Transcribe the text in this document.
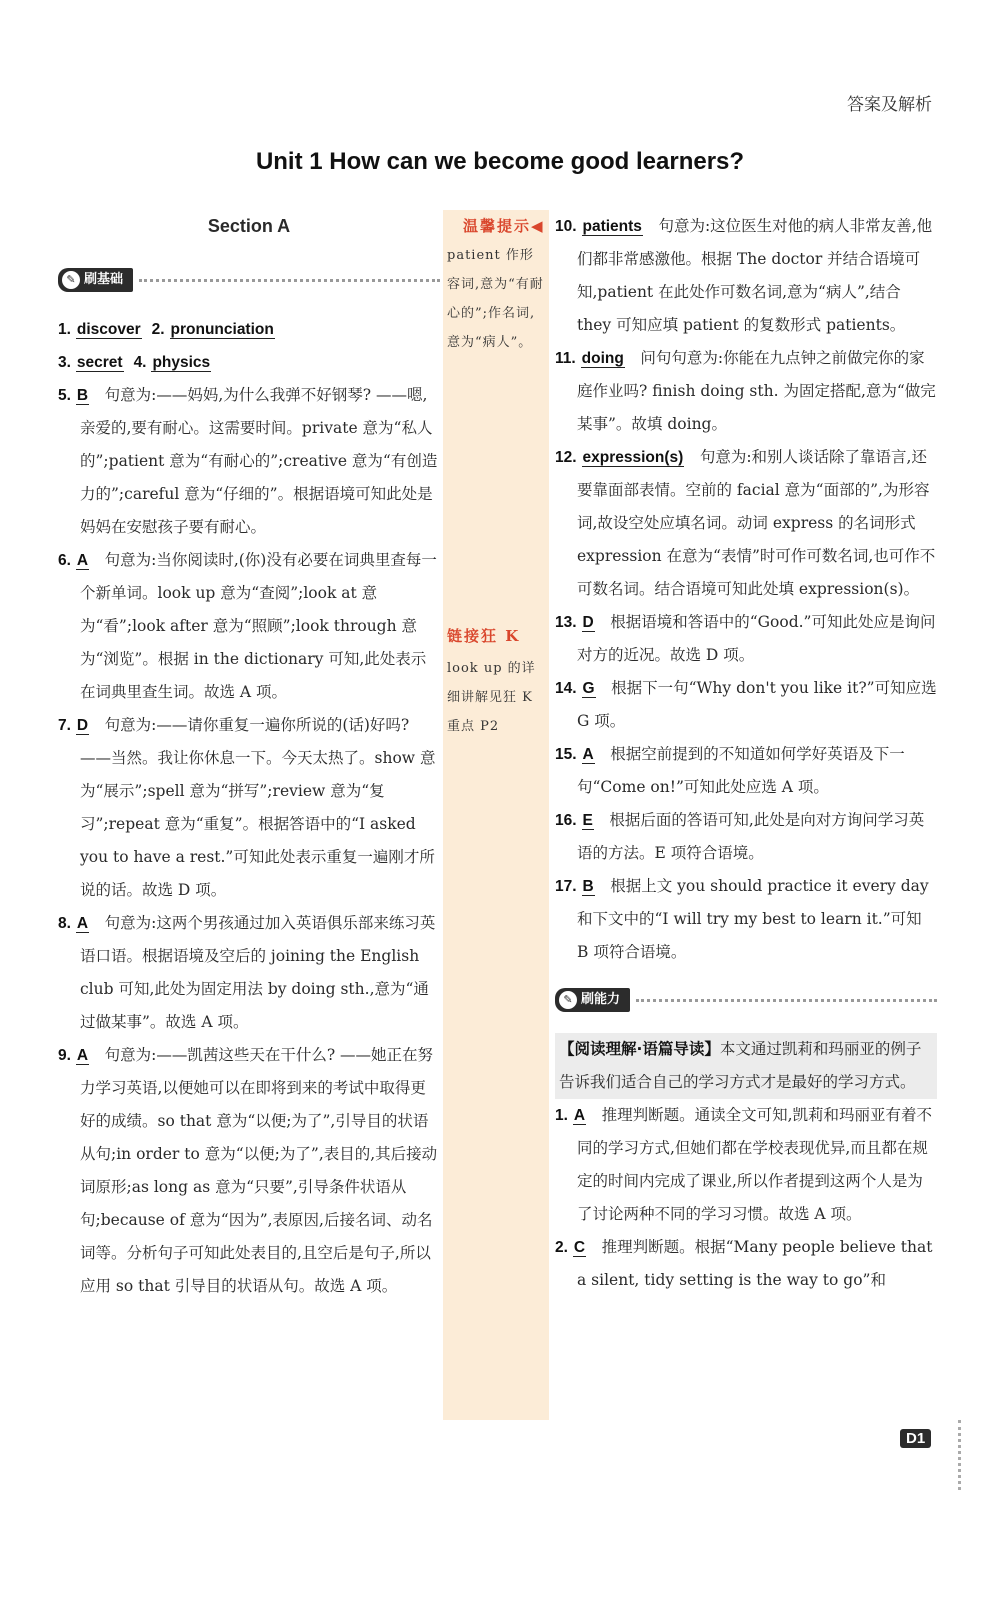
答案及解析
Unit 1 How can we become good learners?
Section A
✎ 刷基础

1. discover 2. pronunciation

3. secret 4. physics

5. B　 句意为:——妈妈,为什么我弹不好钢琴? ——嗯,亲爱的,要有耐心。这需要时间。private 意为“私人的”;patient 意为“有耐心的”;creative 意为“有创造力的”;careful 意为“仔细的”。根据语境可知此处是妈妈在安慰孩子要有耐心。

6. A　 句意为:当你阅读时,(你)没有必要在词典里查每一个新单词。look up 意为“查阅”;look at 意为“看”;look after 意为“照顾”;look through 意为“浏览”。根据 in the dictionary 可知,此处表示在词典里查生词。故选 A 项。

7. D　 句意为:——请你重复一遍你所说的(话)好吗? ——当然。我让你休息一下。今天太热了。show 意为“展示”;spell 意为“拼写”;review 意为“复习”;repeat 意为“重复”。根据答语中的“I asked you to have a rest.”可知此处表示重复一遍刚才所说的话。故选 D 项。

8. A　 句意为:这两个男孩通过加入英语俱乐部来练习英语口语。根据语境及空后的 joining the English club 可知,此处为固定用法 by doing sth.,意为“通过做某事”。故选 A 项。

9. A　 句意为:——凯茜这些天在干什么? ——她正在努力学习英语,以便她可以在即将到来的考试中取得更好的成绩。so that 意为“以便;为了”,引导目的状语从句;in order to 意为“以便;为了”,表目的,其后接动词原形;as long as 意为“只要”,引导条件状语从句;because of 意为“因为”,表原因,后接名词、动名词等。分析句子可知此处表目的,且空后是句子,所以应用 so that 引导目的状语从句。故选 A 项。

温馨提示◀
patient 作形容词,意为“有耐心的”;作名词,意为“病人”。
链接狂 K
look up 的详细讲解见狂 K 重点 P2

10. patients　 句意为:这位医生对他的病人非常友善,他们都非常感激他。根据 The doctor 并结合语境可知,patient 在此处作可数名词,意为“病人”,结合 they 可知应填 patient 的复数形式 patients。

11. doing　 问句句意为:你能在九点钟之前做完你的家庭作业吗? finish doing sth. 为固定搭配,意为“做完某事”。故填 doing。

12. expression(s)　 句意为:和别人谈话除了靠语言,还要靠面部表情。空前的 facial 意为“面部的”,为形容词,故设空处应填名词。动词 express 的名词形式 expression 在意为“表情”时可作可数名词,也可作不可数名词。结合语境可知此处填 expression(s)。

13. D　 根据语境和答语中的“Good.”可知此处应是询问对方的近况。故选 D 项。

14. G　 根据下一句“Why don't you like it?”可知应选 G 项。

15. A　 根据空前提到的不知道如何学好英语及下一句“Come on!”可知此处应选 A 项。

16. E　 根据后面的答语可知,此处是向对方询问学习英语的方法。E 项符合语境。

17. B　 根据上文 you should practice it every day 和下文中的“I will try my best to learn it.”可知 B 项符合语境。

✎ 刷能力

【阅读理解·语篇导读】本文通过凯莉和玛丽亚的例子告诉我们适合自己的学习方式才是最好的学习方式。

1. A　 推理判断题。通读全文可知,凯莉和玛丽亚有着不同的学习方式,但她们都在学校表现优异,而且都在规定的时间内完成了课业,所以作者提到这两个人是为了讨论两种不同的学习习惯。故选 A 项。

2. C　 推理判断题。根据“Many people believe that a silent, tidy setting is the way to go”和

D1
